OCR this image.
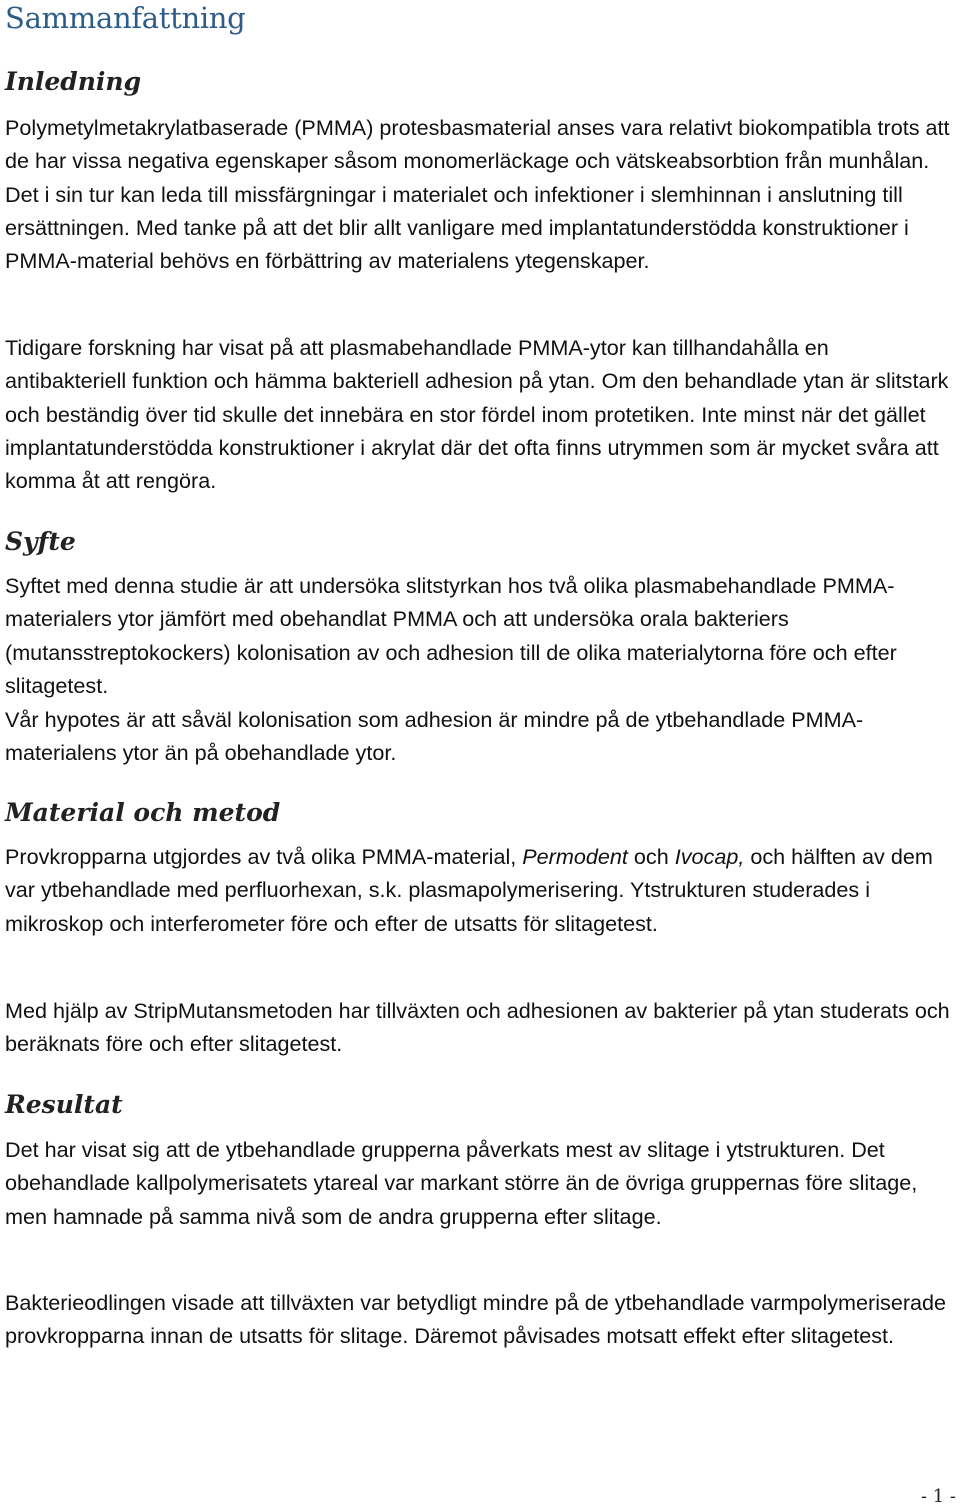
Sammanfattning
Inledning

Polymetylmetakrylatbaserade (PMMA) protesbasmaterial anses vara relativt biokompatibla trots att de har vissa negativa egenskaper såsom monomerläckage och vätskeabsorbtion från munhålan. Det i sin tur kan leda till missfärgningar i materialet och infektioner i slemhinnan i anslutning till ersättningen. Med tanke på att det blir allt vanligare med implantatunderstödda konstruktioner i PMMA-material behövs en förbättring av materialens ytegenskaper.

Tidigare forskning har visat på att plasmabehandlade PMMA-ytor kan tillhandahålla en antibakteriell funktion och hämma bakteriell adhesion på ytan. Om den behandlade ytan är slitstark och beständig över tid skulle det innebära en stor fördel inom protetiken. Inte minst när det gället implantatunderstödda konstruktioner i akrylat där det ofta finns utrymmen som är mycket svåra att komma åt att rengöra.

Syfte

Syftet med denna studie är att undersöka slitstyrkan hos två olika plasmabehandlade PMMA-materialers ytor jämfört med obehandlat PMMA och att undersöka orala bakteriers (mutansstreptokockers) kolonisation av och adhesion till de olika materialytorna före och efter slitagetest.

Vår hypotes är att såväl kolonisation som adhesion är mindre på de ytbehandlade PMMA-materialens ytor än på obehandlade ytor.

Material och metod

Provkropparna utgjordes av två olika PMMA-material, Permodent och Ivocap, och hälften av dem var ytbehandlade med perfluorhexan, s.k. plasmapolymerisering. Ytstrukturen studerades i mikroskop och interferometer före och efter de utsatts för slitagetest.

Med hjälp av StripMutansmetoden har tillväxten och adhesionen av bakterier på ytan studerats och beräknats före och efter slitagetest.

Resultat

Det har visat sig att de ytbehandlade grupperna påverkats mest av slitage i ytstrukturen. Det obehandlade kallpolymerisatets ytareal var markant större än de övriga gruppernas före slitage, men hamnade på samma nivå som de andra grupperna efter slitage.

Bakterieodlingen visade att tillväxten var betydligt mindre på de ytbehandlade varmpolymeriserade provkropparna innan de utsatts för slitage. Däremot påvisades motsatt effekt efter slitagetest.

- 1 -
